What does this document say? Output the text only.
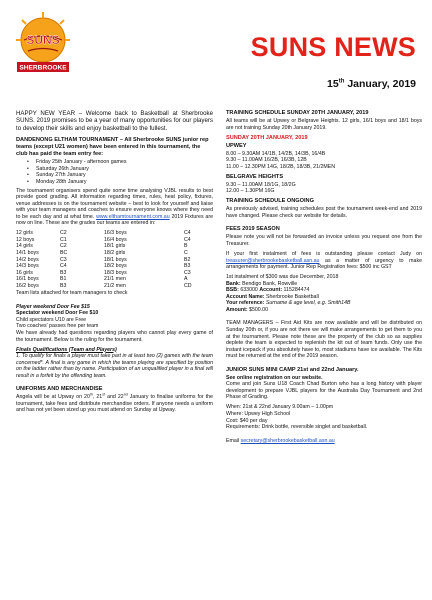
SUNS
SHERBROOKE
SUNS NEWS
15th January, 2019

HAPPY NEW YEAR – Welcome back to Basketball at Sherbrooke SUNS. 2019 promises to be a year of many opportunities for our players to develop their skills and enjoy basketball to the fullest.

DANDENONG ELTHAM TOURNAMENT – All Sherbrooke SUNS junior rep teams (except U21 women) have been entered in this tournament, the club has paid the team entry fee:
• Friday 25th January - afternoon games
• Saturday 26th January
• Sunday 27th January
• Monday 28th January

The tournament organisers spend quite some time analysing VJBL results to best provide good grading. All information regarding times, rules, heat policy, fixtures, venue addresses is on the tournament website – best to look for yourself and liaise with your team managers and coaches to ensure everyone knows where they need to be each day and at what time. www.elthamtournament.com.au 2019 Fixtures are now on line. These are the grades our teams are entered in:

12 girls	C2	16/3 boys	C4
12 boys	C1	16/4 boys	C4
14 girls	C2	18/1 girls	B
14/1 boys	BC	18/2 girls	C
14/2 boys	C3	18/1 boys	B2
14/3 boys	C4	18/2 boys	B3
16 girls	B3	18/3 boys	C3
16/1 boys	B1	21/1 men	A
16/2 boys	B3	21/2 men	CD

Team lists attached for team managers to check

Player weekend Door Fee $15
Spectator weekend Door Fee $10
Child spectators U10 are Free
Two coaches' passes free per team

We have already had questions regarding players who cannot play every game of the tournament. Below is the ruling for the tournament.

Finals Qualifications (Team and Players)

1. To qualify for finals a player must take part in at least two (2) games with the team concerned*. A final is any game in which the teams playing are specified by position on the ladder rather than by name. Participation of an unqualified player in a final will result in a forfeit by the offending team.

UNIFORMS AND MERCHANDISE

Angela will be at Upway on 20th, 21st and 22nd January to finalise uniforms for the tournament, take fees and distribute merchandise orders. If anyone needs a uniform and has not yet been sized up you must attend on Sunday at Upway.

TRAINING SCHEDULE SUNDAY 20TH JANUARY, 2019

All teams will be at Upwey or Belgrave Heights. 12 girls, 16/1 boys and 18/1 boys are not training Sunday 20th January 2019.

SUNDAY 20TH JANUARY, 2019
UPWEY
8.00 – 9.30AM 14/1B, 14/2B, 14/3B, 16/4B
9.30 – 11.00AM 16/2B, 16/3B, 12B
11.00 – 12.30PM 14G, 18/2B, 18/3B, 21/2MEN
BELGRAVE HEIGHTS
9.30 – 11.00AM 18/1G, 18/2G
12.00 – 1.30PM 16G
TRAINING SCHEDULE ONGOING

As previously advised, training schedules post the tournament week-end and 2019 have changed. Please check our website for details.

FEES 2019 SEASON

Please note you will not be forwarded an invoice unless you request one from the Treasurer.

If your first instalment of fees is outstanding please contact Judy on treasurer@sherbrookebasketball.asn.au as a matter of urgency to make arrangements for payment. Junior Rep Registration fees: $500 inc GST

1st instalment of $300 was due December, 2018
Bank: Bendigo Bank, Rowville
BSB: 633000 Account: 115284474
Account Name: Sherbrooke Basketball
Your reference: Surname & age level, e.g. Smith14B
Amount: $500.00

TEAM MANAGERS – First Aid Kits are now available and will be distributed on Sunday 20th or, if you are not there we will make arrangements to get them to you at the tournament. Please note these are the property of the club so as supplies deplete the team is expected to replenish the kit out of team funds. Only use the instant icepack if you absolutely have to, most stadiums have ice available. The Kits must be returned at the end of the 2019 season.

JUNIOR SUNS MINI CAMP 21st and 22nd January.
See online registration on our website.

Come and join Suns U18 Coach Chad Burton who has a long history with player development to prepare VJBL players for the Australia Day Tournament and 2nd Phase of Grading.

When: 21st & 22nd January 9.00am – 1.00pm
Where: Upwey High School
Cost: $40 per day
Requirements: Drink bottle, reversible singlet and basketball.
Email secretary@sherbrookebasketball.asn.au
